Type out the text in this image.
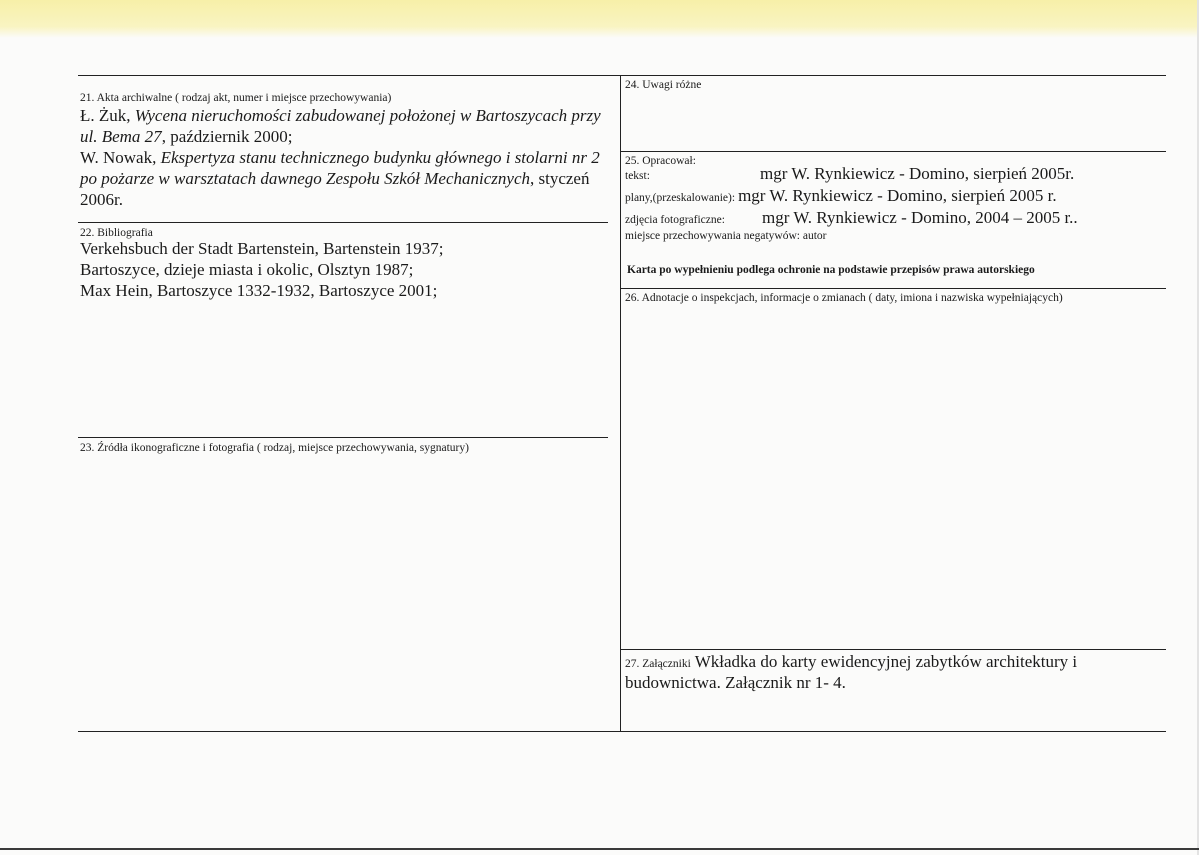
21. Akta archiwalne ( rodzaj akt, numer i miejsce przechowywania)
Ł. Żuk, Wycena nieruchomości zabudowanej położonej w Bartoszycach przy ul. Bema 27, październik 2000;
W. Nowak, Ekspertyza stanu technicznego budynku głównego i stolarni nr 2 po pożarze w warsztatach dawnego Zespołu Szkół Mechanicznych, styczeń 2006r.
22. Bibliografia
Verkehsbuch der Stadt Bartenstein, Bartenstein 1937;
Bartoszyce, dzieje miasta i okolic, Olsztyn 1987;
Max Hein, Bartoszyce 1332-1932, Bartoszyce 2001;
23. Źródła ikonograficzne i fotografia ( rodzaj, miejsce przechowywania, sygnatury)
24. Uwagi różne
25. Opracował:
tekst:	mgr W. Rynkiewicz - Domino, sierpień 2005r.
plany,(przeskalowanie): mgr W. Rynkiewicz - Domino, sierpień 2005 r.
zdjęcia fotograficzne: mgr W. Rynkiewicz - Domino, 2004 – 2005 r..
miejsce przechowywania negatywów: autor
Karta po wypełnieniu podlega ochronie na podstawie przepisów prawa autorskiego
26. Adnotacje o inspekcjach, informacje o zmianach ( daty, imiona i nazwiska wypełniających)
27. Załączniki Wkładka do karty ewidencyjnej zabytków architektury i budownictwa. Załącznik nr 1- 4.
